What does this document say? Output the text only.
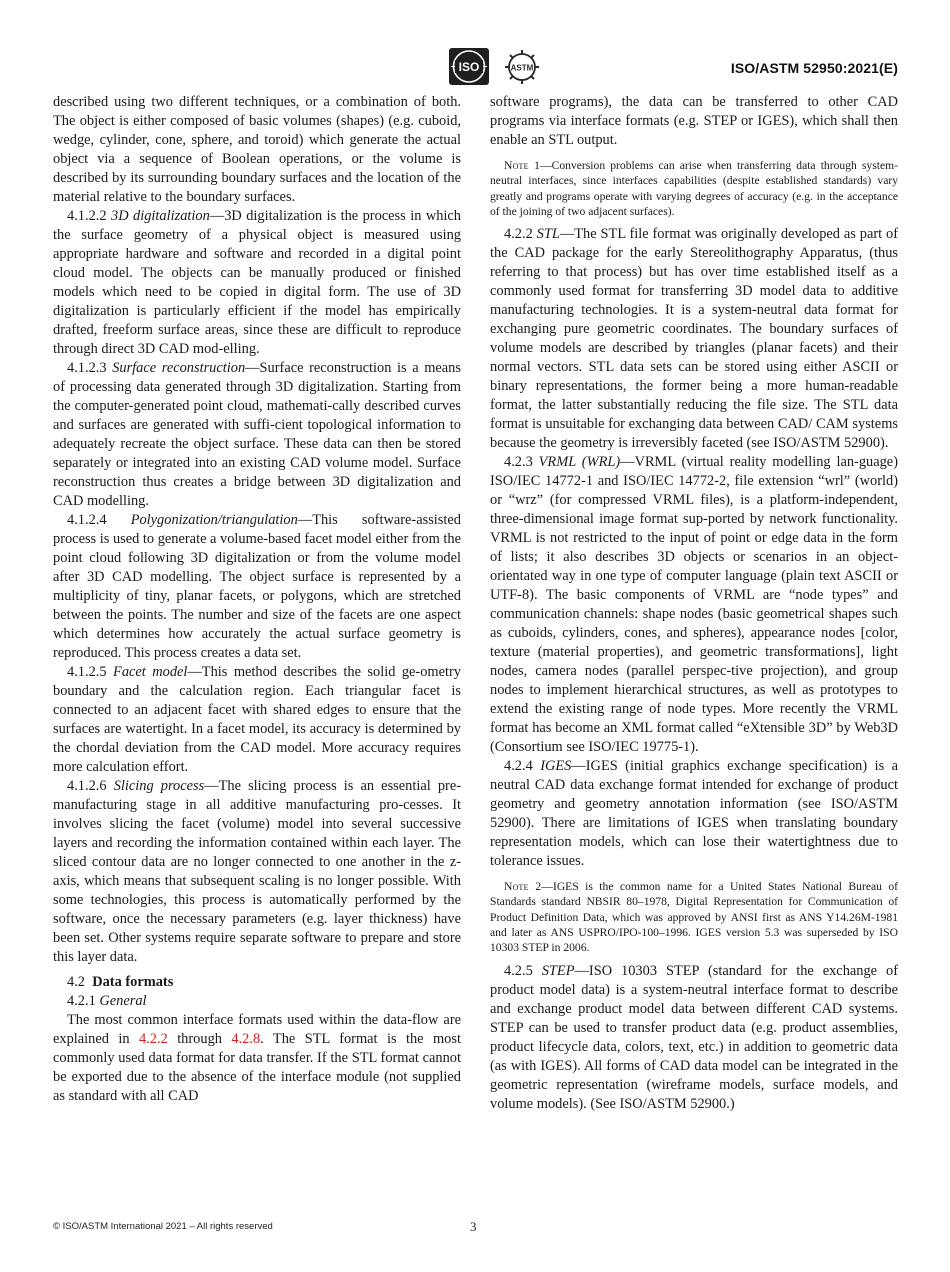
ISO	ASTM	ISO/ASTM 52950:2021(E)

described using two different techniques, or a combination of both. The object is either composed of basic volumes (shapes) (e.g. cuboid, wedge, cylinder, cone, sphere, and toroid) which generate the actual object via a sequence of Boolean operations, or the volume is described by its surrounding boundary surfaces and the location of the material relative to the boundary surfaces.

4.1.2.2 3D digitalization—3D digitalization is the process in which the surface geometry of a physical object is measured using appropriate hardware and software and recorded in a digital point cloud model. The objects can be manually produced or finished models which need to be copied in digital form. The use of 3D digitalization is particularly efficient if the model has empirically drafted, freeform surface areas, since these are difficult to reproduce through direct 3D CAD mod-elling.

4.1.2.3 Surface reconstruction—Surface reconstruction is a means of processing data generated through 3D digitalization. Starting from the computer-generated point cloud, mathemati-cally described curves and surfaces are generated with suffi-cient topological information to adequately recreate the object surface. These data can then be stored separately or integrated into an existing CAD volume model. Surface reconstruction thus creates a bridge between 3D digitalization and CAD modelling.

4.1.2.4 Polygonization/triangulation—This software-assisted process is used to generate a volume-based facet model either from the point cloud following 3D digitalization or from the volume model after 3D CAD modelling. The object surface is represented by a multiplicity of tiny, planar facets, or polygons, which are stretched between the points. The number and size of the facets are one aspect which determines how accurately the actual surface geometry is reproduced. This process creates a data set.

4.1.2.5 Facet model—This method describes the solid ge-ometry boundary and the calculation region. Each triangular facet is connected to an adjacent facet with shared edges to ensure that the surfaces are watertight. In a facet model, its accuracy is determined by the chordal deviation from the CAD model. More accuracy requires more calculation effort.

4.1.2.6 Slicing process—The slicing process is an essential pre-manufacturing stage in all additive manufacturing pro-cesses. It involves slicing the facet (volume) model into several successive layers and recording the information contained within each layer. The sliced contour data are no longer connected to one another in the z-axis, which means that subsequent scaling is no longer possible. With some technologies, this process is automatically performed by the software, once the necessary parameters (e.g. layer thickness) have been set. Other systems require separate software to prepare and store this layer data.

4.2 Data formats

4.2.1 General

The most common interface formats used within the data-flow are explained in 4.2.2 through 4.2.8. The STL format is the most commonly used data format for data transfer. If the STL format cannot be exported due to the absence of the interface module (not supplied as standard with all CAD

software programs), the data can be transferred to other CAD programs via interface formats (e.g. STEP or IGES), which shall then enable an STL output.

Note 1—Conversion problems can arise when transferring data through system-neutral interfaces, since interfaces capabilities (despite established standards) vary greatly and programs operate with varying degrees of accuracy (e.g. in the acceptance of the joining of two adjacent surfaces).

4.2.2 STL—The STL file format was originally developed as part of the CAD package for the early Stereolithography Apparatus, (thus referring to that process) but has over time established itself as a commonly used format for transferring 3D model data to additive manufacturing technologies. It is a system-neutral data format for exchanging pure geometric coordinates. The boundary surfaces of volume models are described by triangles (planar facets) and their normal vectors. STL data sets can be stored using either ASCII or binary representations, the former being a more human-readable format, the latter substantially reducing the file size. The STL data format is unsuitable for exchanging data between CAD/ CAM systems because the geometry is irreversibly faceted (see ISO/ASTM 52900).

4.2.3 VRML (WRL)—VRML (virtual reality modelling lan-guage) ISO/IEC 14772-1 and ISO/IEC 14772-2, file extension “wrl” (world) or “wrz” (for compressed VRML files), is a platform-independent, three-dimensional image format sup-ported by network functionality. VRML is not restricted to the input of point or edge data in the form of lists; it also describes 3D objects or scenarios in an object-orientated way in one type of computer language (plain text ASCII or UTF-8). The basic components of VRML are “node types” and communication channels: shape nodes (basic geometrical shapes such as cuboids, cylinders, cones, and spheres), appearance nodes [color, texture (material properties), and geometric transformations], light nodes, camera nodes (parallel perspec-tive projection), and group nodes to implement hierarchical structures, as well as prototypes to extend the existing range of node types. More recently the VRML format has become an XML format called “eXtensible 3D” by Web3D (Consortium see ISO/IEC 19775-1).

4.2.4 IGES—IGES (initial graphics exchange specification) is a neutral CAD data exchange format intended for exchange of product geometry and geometry annotation information (see ISO/ASTM 52900). There are limitations of IGES when translating boundary representation models, which can lose their watertightness due to tolerance issues.

Note 2—IGES is the common name for a United States National Bureau of Standards standard NBSIR 80–1978, Digital Representation for Communication of Product Definition Data, which was approved by ANSI first as ANS Y14.26M-1981 and later as ANS USPRO/IPO-100–1996. IGES version 5.3 was superseded by ISO 10303 STEP in 2006.

4.2.5 STEP—ISO 10303 STEP (standard for the exchange of product model data) is a system-neutral interface format to describe and exchange product model data between different CAD systems. STEP can be used to transfer product data (e.g. product assemblies, product lifecycle data, colors, text, etc.) in addition to geometric data (as with IGES). All forms of CAD data model can be integrated in the geometric representation (wireframe models, surface models, and volume models). (See ISO/ASTM 52900.)

© ISO/ASTM International 2021 – All rights reserved	3
